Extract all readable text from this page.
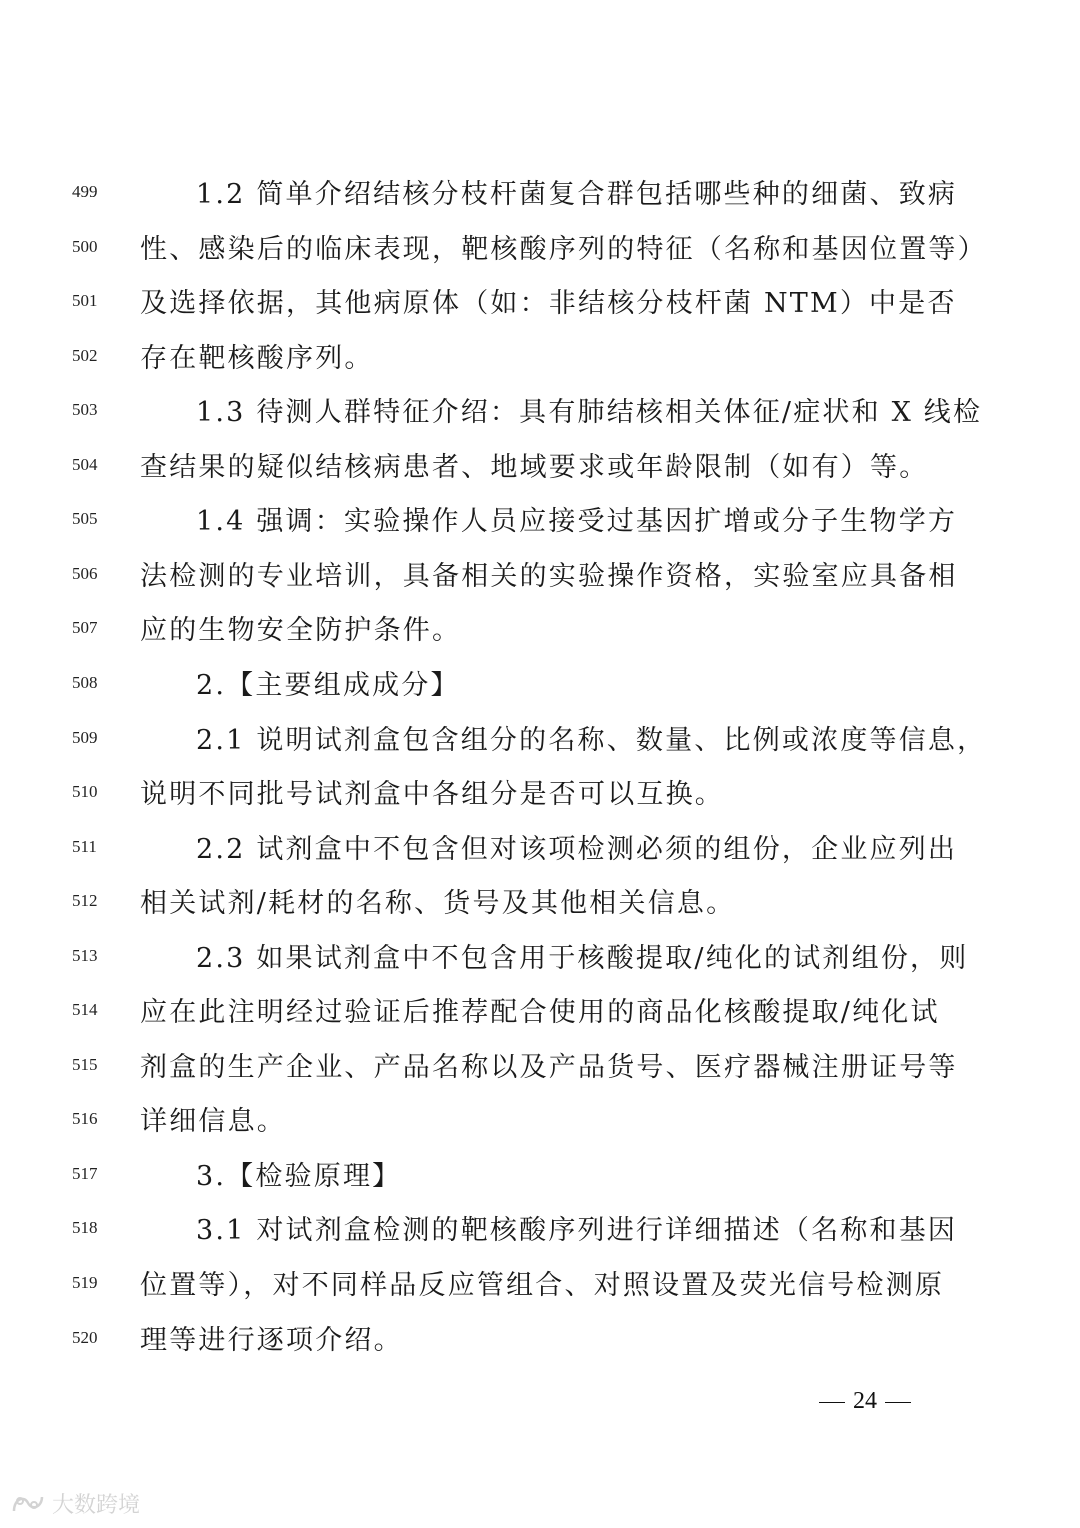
499	1.2 简单介绍结核分枝杆菌复合群包括哪些种的细菌、致病
500	性、感染后的临床表现，靶核酸序列的特征（名称和基因位置等）
501	及选择依据，其他病原体（如：非结核分枝杆菌 NTM）中是否
502	存在靶核酸序列。
503	1.3 待测人群特征介绍：具有肺结核相关体征/症状和 X 线检
504	查结果的疑似结核病患者、地域要求或年龄限制（如有）等。
505	1.4 强调：实验操作人员应接受过基因扩增或分子生物学方
506	法检测的专业培训，具备相关的实验操作资格，实验室应具备相
507	应的生物安全防护条件。
508	2.【主要组成成分】
509	2.1 说明试剂盒包含组分的名称、数量、比例或浓度等信息，
510	说明不同批号试剂盒中各组分是否可以互换。
511	2.2 试剂盒中不包含但对该项检测必须的组份，企业应列出
512	相关试剂/耗材的名称、货号及其他相关信息。
513	2.3 如果试剂盒中不包含用于核酸提取/纯化的试剂组份，则
514	应在此注明经过验证后推荐配合使用的商品化核酸提取/纯化试
515	剂盒的生产企业、产品名称以及产品货号、医疗器械注册证号等
516	详细信息。
517	3.【检验原理】
518	3.1 对试剂盒检测的靶核酸序列进行详细描述（名称和基因
519	位置等），对不同样品反应管组合、对照设置及荧光信号检测原
520	理等进行逐项介绍。
24
大数跨境
